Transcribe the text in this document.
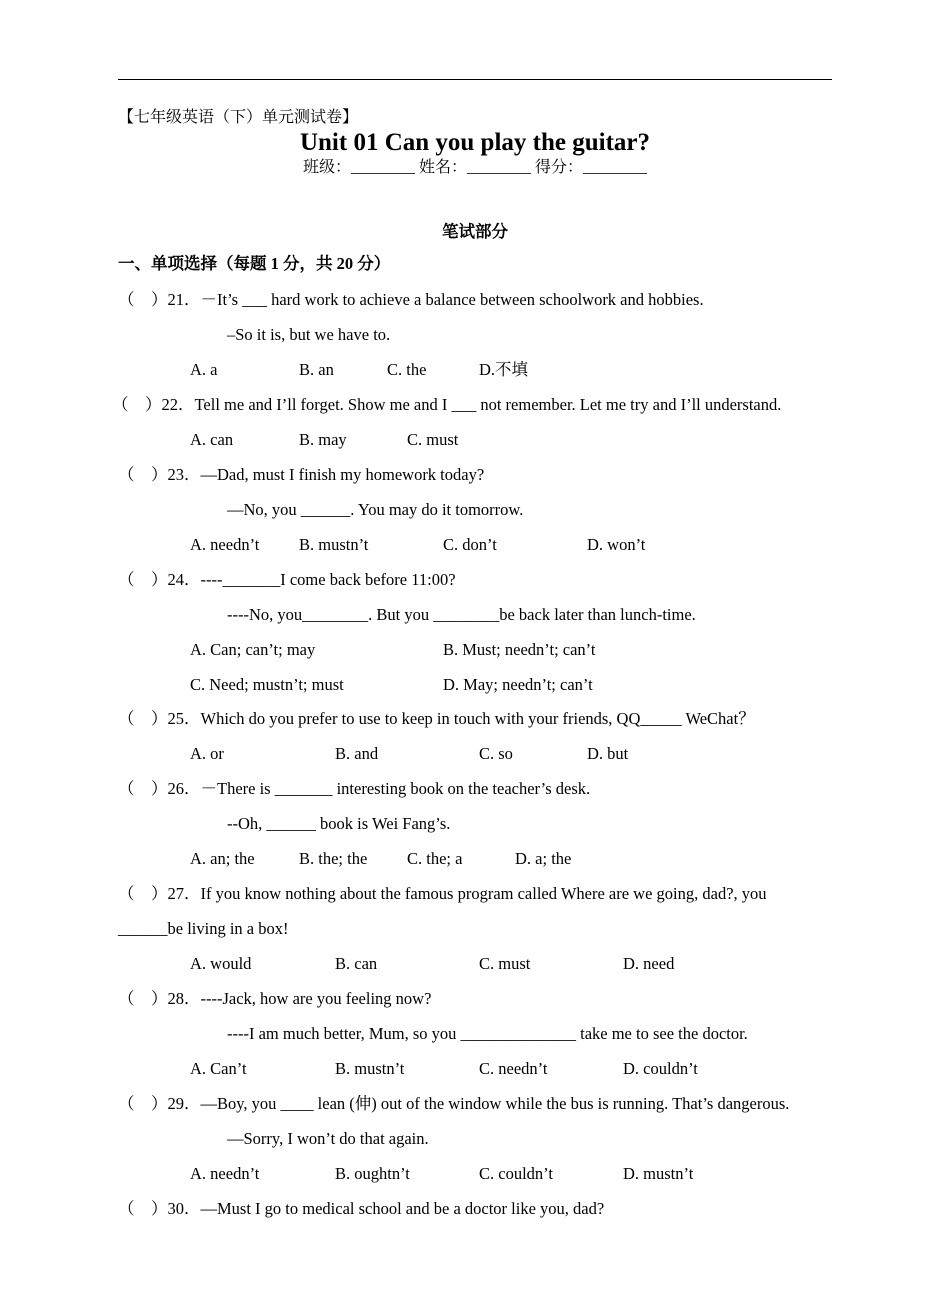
【七年级英语（下）单元测试卷】
Unit 01 Can you play the guitar?
班级：________ 姓名：________ 得分：________
笔试部分
一、单项选择（每题 1 分，共 20 分）
（　）21．－It’s ___ hard work to achieve a balance between schoolwork and hobbies.
–So it is, but we have to.
A. a	B. an	C. the	D.不填
（　）22．Tell me and I’ll forget. Show me and I ___ not remember. Let me try and I’ll understand.
A. can	B. may	C. must
（　）23．—Dad, must I finish my homework today?
—No, you ______. You may do it tomorrow.
A. needn’t B. mustn’t	C. don’t	D. won’t
（　）24．----_______I come back before 11:00?
----No, you________. But you ________be back later than lunch-time.
A. Can; can’t; may	B. Must; needn’t; can’t
C. Need; mustn’t; must	D. May; needn’t; can’t
（　）25．Which do you prefer to use to keep in touch with your friends, QQ_____ WeChat？
A. or	B. and	C. so	D. but
（　）26．－There is _______ interesting book on the teacher’s desk.
--Oh, ______ book is Wei Fang’s.
A. an; the	B. the; the C. the; a	D. a; the
（　）27．If you know nothing about the famous program called Where are we going, dad?, you
______be living in a box!
A. would	B. can	C. must	D. need
（　）28．----Jack, how are you feeling now?
----I am much better, Mum, so you ______________ take me to see the doctor.
A. Can’t	B. mustn’t	C. needn’t	D. couldn’t
（　）29．—Boy, you ____ lean (伸) out of the window while the bus is running. That’s dangerous.
—Sorry, I won’t do that again.
A. needn’t	B. oughtn’t	C. couldn’t	D. mustn’t
（　）30．—Must I go to medical school and be a doctor like you, dad?
